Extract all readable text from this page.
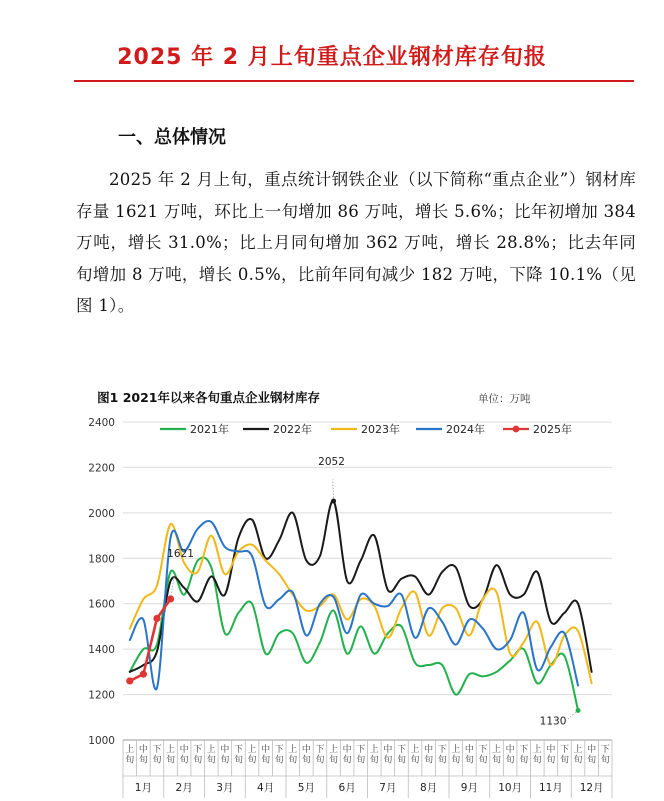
2025 年 2 月上旬重点企业钢材库存旬报
一、总体情况

2025 年 2 月上旬，重点统计钢铁企业（以下简称“重点企业”）钢材库存量 1621 万吨，环比上一旬增加 86 万吨，增长 5.6%；比年初增加 384 万吨，增长 31.0%；比上月同旬增加 362 万吨，增长 28.8%；比去年同旬增加 8 万吨，增长 0.5%，比前年同旬减少 182 万吨，下降 10.1%（见图 1）。

图1 2021年以来各旬重点企业钢材库存	单位：万吨
1000
1200
1400
1600
1800
2000
2200
2400
上
旬
中
旬
下
旬
上
旬
中
旬
下
旬
上
旬
中
旬
下
旬
上
旬
中
旬
下
旬
上
旬
中
旬
下
旬
上
旬
中
旬
下
旬
上
旬
中
旬
下
旬
上
旬
中
旬
下
旬
上
旬
中
旬
下
旬
上
旬
中
旬
下
旬
上
旬
中
旬
下
旬
上
旬
中
旬
下
旬
1月 2月 3月 4月 5月 6月 7月 8月 9月 10月 11月 12月
1621
2052
1130
2021年	2022年	2023年	2024年	2025年
